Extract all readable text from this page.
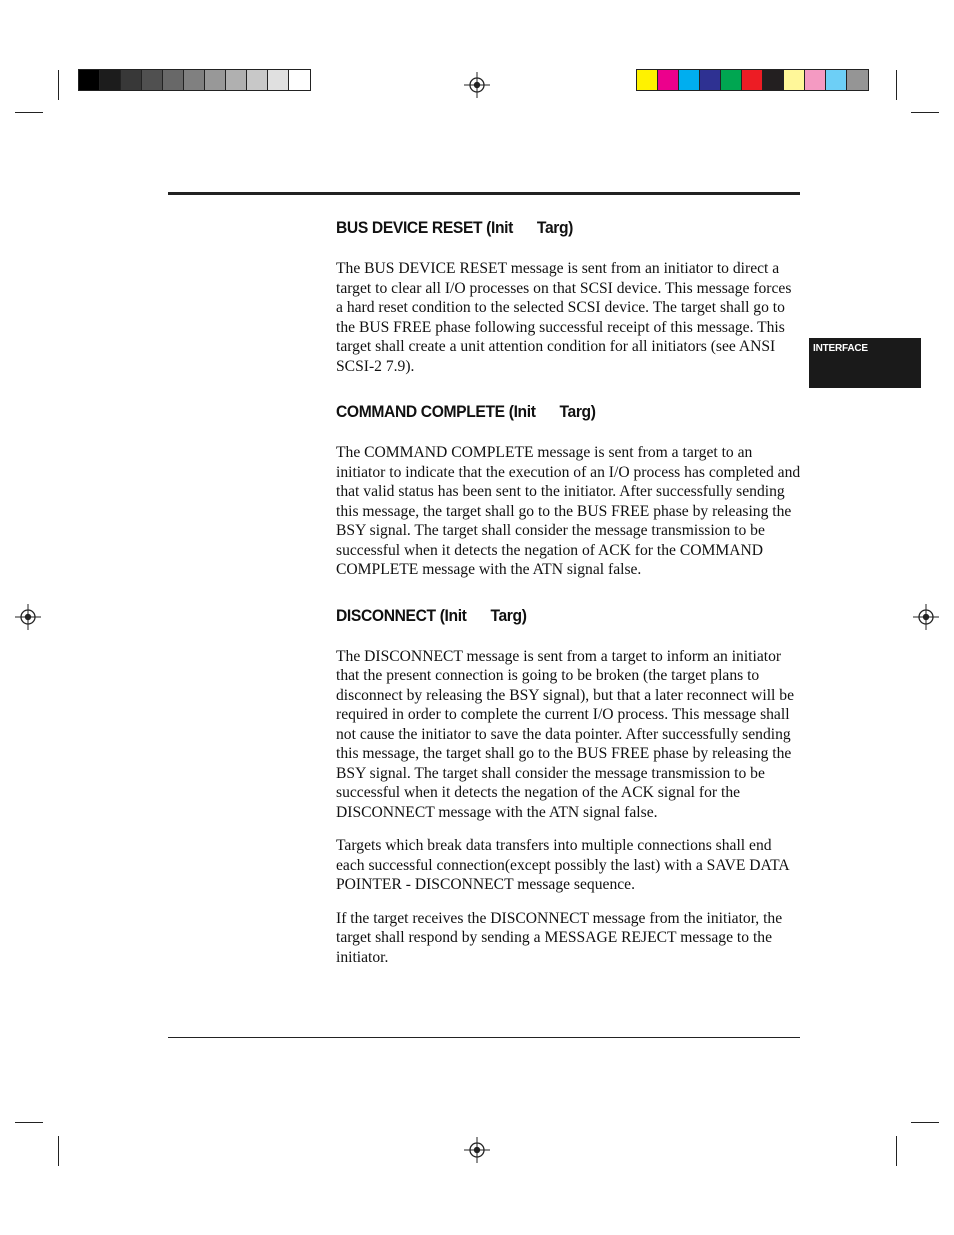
INTERFACE
BUS DEVICE RESET (Init Targ)

The BUS DEVICE RESET message is sent from an initiator to direct a target to clear all I/O processes on that SCSI device. This message forces a hard reset condition to the selected SCSI device. The target shall go to the BUS FREE phase following successful receipt of this message. This target shall create a unit attention condition for all initiators (see ANSI SCSI-2 7.9).

COMMAND COMPLETE (Init Targ)

The COMMAND COMPLETE message is sent from a target to an initiator to indicate that the execution of an I/O process has completed and that valid status has been sent to the initiator. After successfully sending this message, the target shall go to the BUS FREE phase by releasing the BSY signal. The target shall consider the message transmission to be successful when it detects the negation of ACK for the COMMAND COMPLETE message with the ATN signal false.

DISCONNECT (Init Targ)

The DISCONNECT message is sent from a target to inform an initiator that the present connection is going to be broken (the target plans to disconnect by releasing the BSY signal), but that a later reconnect will be required in order to complete the current I/O process. This message shall not cause the initiator to save the data pointer. After successfully sending this message, the target shall go to the BUS FREE phase by releasing the BSY signal. The target shall consider the message transmission to be successful when it detects the negation of the ACK signal for the DISCONNECT message with the ATN signal false.

Targets which break data transfers into multiple connections shall end each successful connection(except possibly the last) with a SAVE DATA POINTER - DISCONNECT message sequence.

If the target receives the DISCONNECT message from the initiator, the target shall respond by sending a MESSAGE REJECT message to the initiator.
